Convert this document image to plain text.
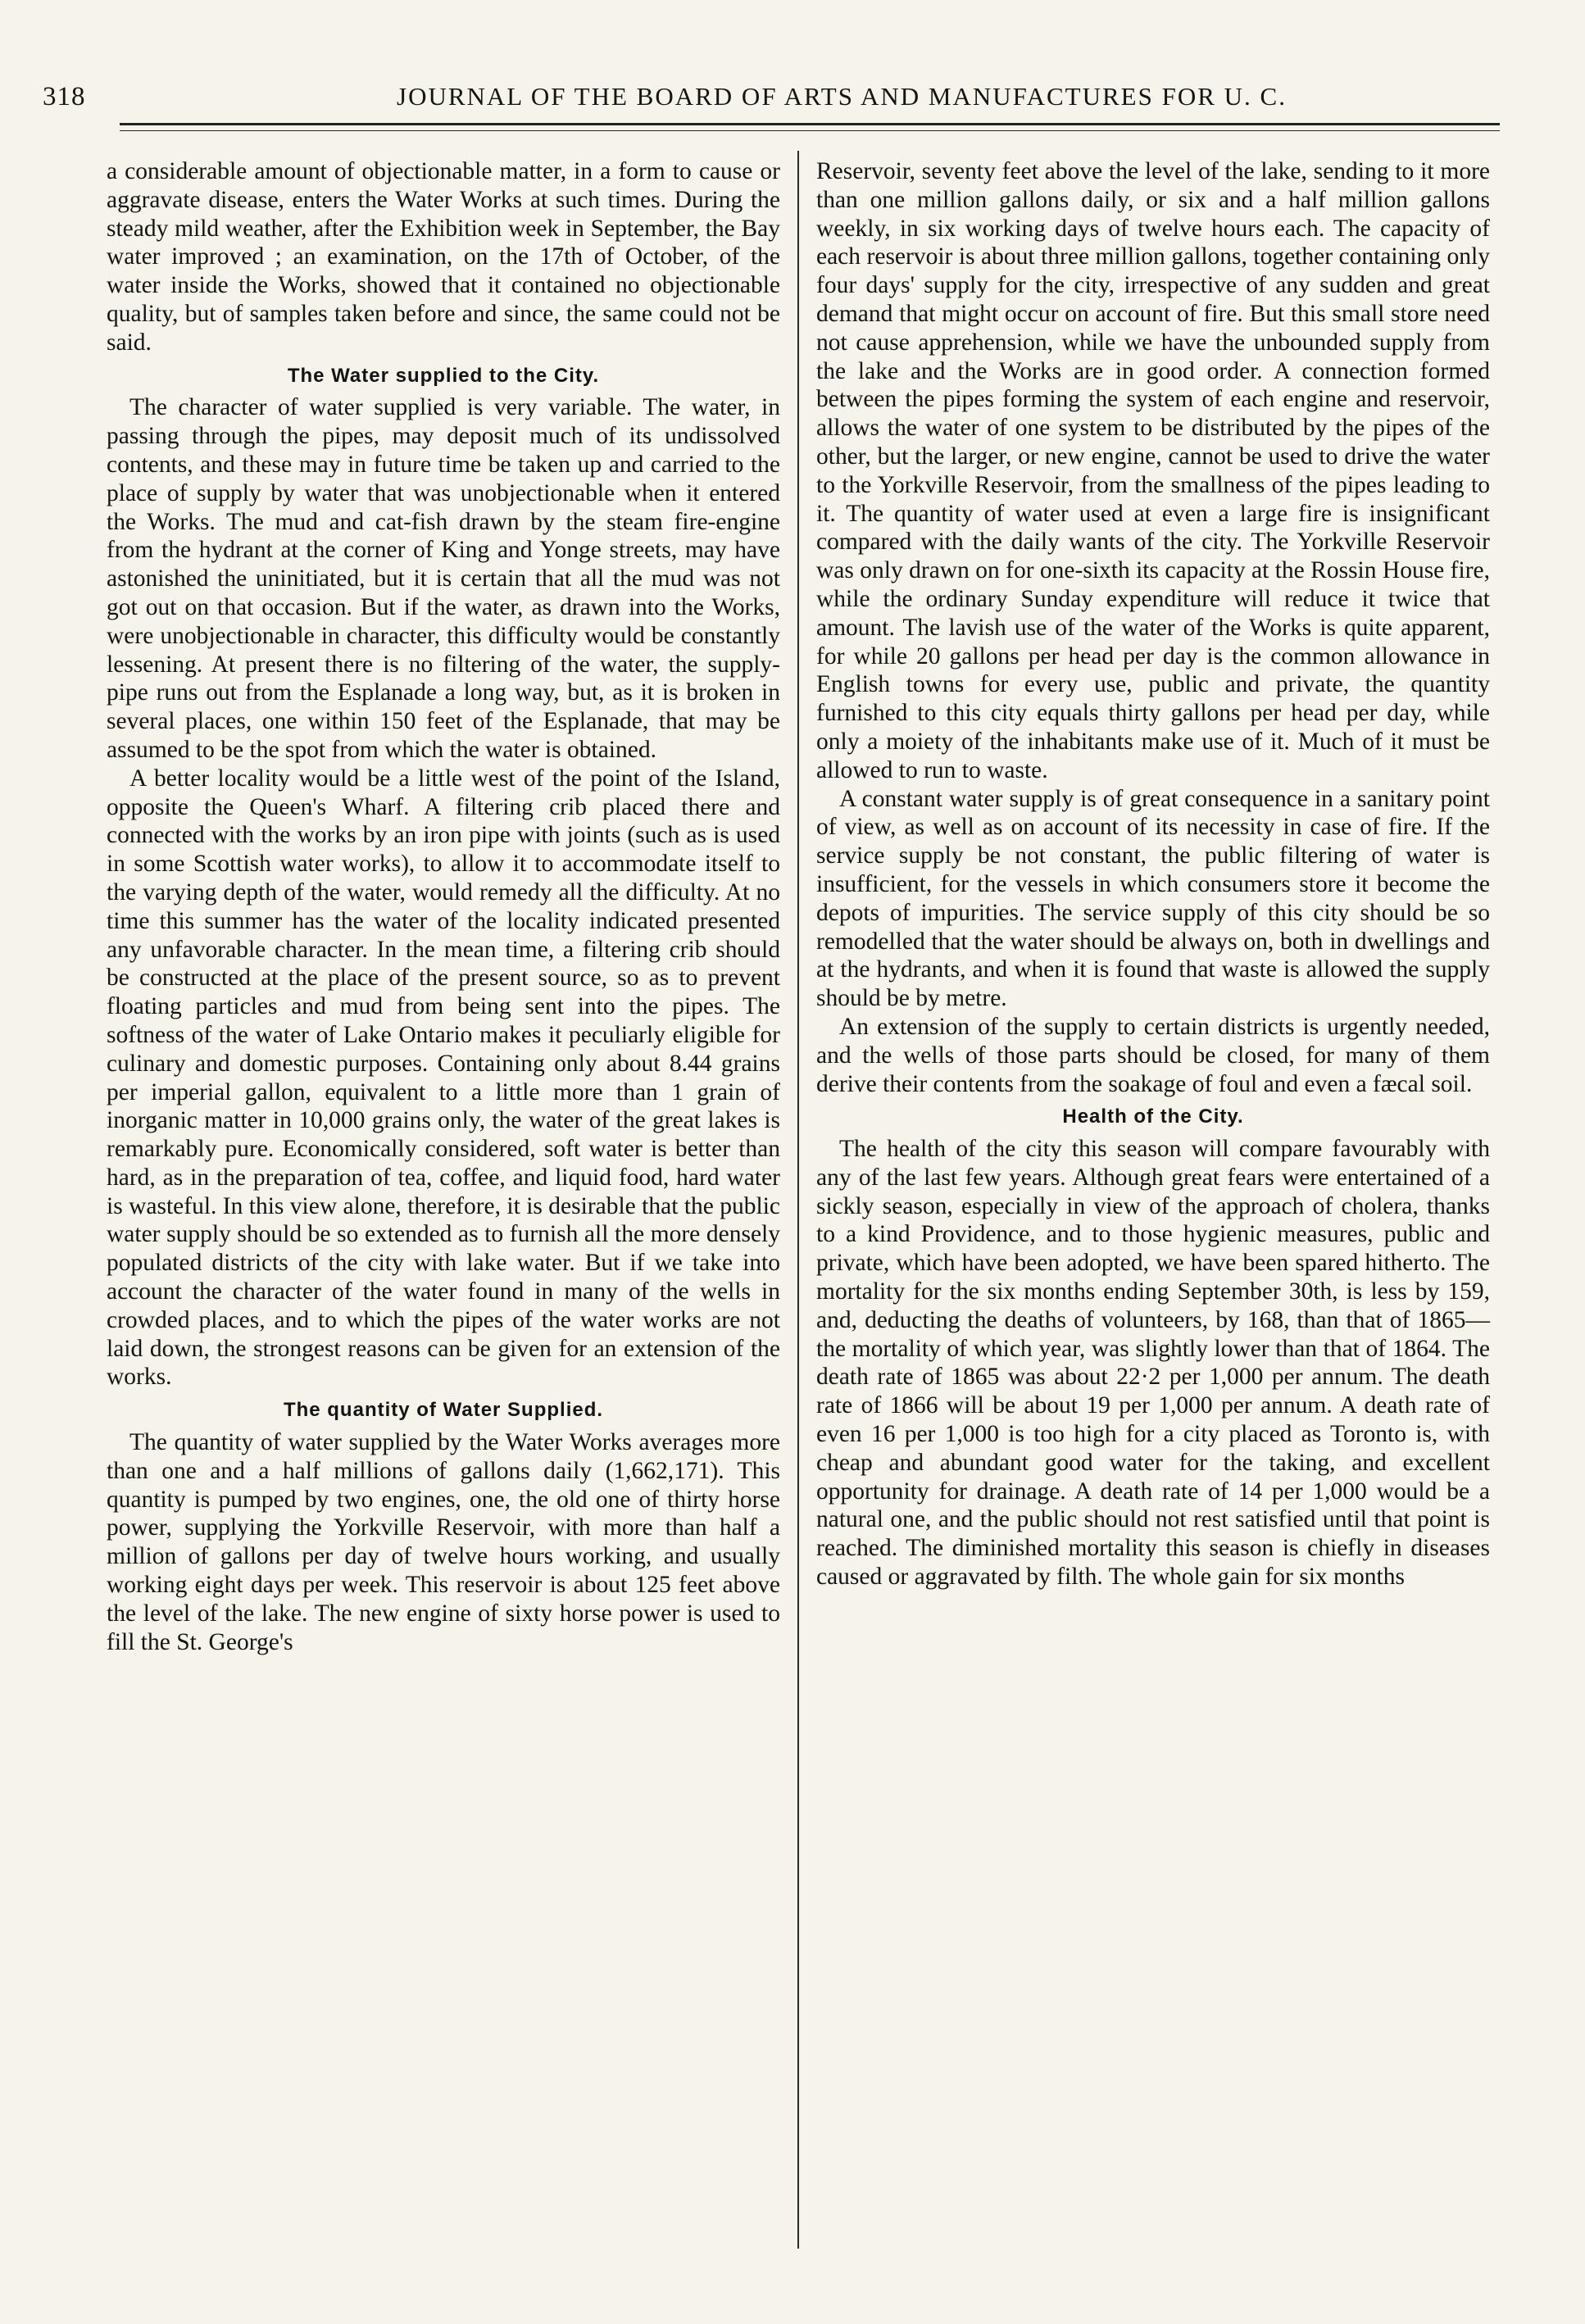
318	JOURNAL OF THE BOARD OF ARTS AND MANUFACTURES FOR U. C.

a considerable amount of objectionable matter, in a form to cause or aggravate disease, enters the Water Works at such times. During the steady mild weather, after the Exhibition week in September, the Bay water improved ; an examination, on the 17th of October, of the water inside the Works, showed that it contained no objectionable quality, but of samples taken before and since, the same could not be said.

The Water supplied to the City.

The character of water supplied is very variable. The water, in passing through the pipes, may deposit much of its undissolved contents, and these may in future time be taken up and carried to the place of supply by water that was unobjectionable when it entered the Works. The mud and cat-fish drawn by the steam fire-engine from the hydrant at the corner of King and Yonge streets, may have astonished the uninitiated, but it is certain that all the mud was not got out on that occasion. But if the water, as drawn into the Works, were unobjectionable in character, this difficulty would be constantly lessening. At present there is no filtering of the water, the supply-pipe runs out from the Esplanade a long way, but, as it is broken in several places, one within 150 feet of the Esplanade, that may be assumed to be the spot from which the water is obtained.

A better locality would be a little west of the point of the Island, opposite the Queen's Wharf. A filtering crib placed there and connected with the works by an iron pipe with joints (such as is used in some Scottish water works), to allow it to accommodate itself to the varying depth of the water, would remedy all the difficulty. At no time this summer has the water of the locality indicated presented any unfavorable character. In the mean time, a filtering crib should be constructed at the place of the present source, so as to prevent floating particles and mud from being sent into the pipes. The softness of the water of Lake Ontario makes it peculiarly eligible for culinary and domestic purposes. Containing only about 8.44 grains per imperial gallon, equivalent to a little more than 1 grain of inorganic matter in 10,000 grains only, the water of the great lakes is remarkably pure. Economically considered, soft water is better than hard, as in the preparation of tea, coffee, and liquid food, hard water is wasteful. In this view alone, therefore, it is desirable that the public water supply should be so extended as to furnish all the more densely populated districts of the city with lake water. But if we take into account the character of the water found in many of the wells in crowded places, and to which the pipes of the water works are not laid down, the strongest reasons can be given for an extension of the works.

The quantity of Water Supplied.

The quantity of water supplied by the Water Works averages more than one and a half millions of gallons daily (1,662,171). This quantity is pumped by two engines, one, the old one of thirty horse power, supplying the Yorkville Reservoir, with more than half a million of gallons per day of twelve hours working, and usually working eight days per week. This reservoir is about 125 feet above the level of the lake. The new engine of sixty horse power is used to fill the St. George's

Reservoir, seventy feet above the level of the lake, sending to it more than one million gallons daily, or six and a half million gallons weekly, in six working days of twelve hours each. The capacity of each reservoir is about three million gallons, together containing only four days' supply for the city, irrespective of any sudden and great demand that might occur on account of fire. But this small store need not cause apprehension, while we have the unbounded supply from the lake and the Works are in good order. A connection formed between the pipes forming the system of each engine and reservoir, allows the water of one system to be distributed by the pipes of the other, but the larger, or new engine, cannot be used to drive the water to the Yorkville Reservoir, from the smallness of the pipes leading to it. The quantity of water used at even a large fire is insignificant compared with the daily wants of the city. The Yorkville Reservoir was only drawn on for one-sixth its capacity at the Rossin House fire, while the ordinary Sunday expenditure will reduce it twice that amount. The lavish use of the water of the Works is quite apparent, for while 20 gallons per head per day is the common allowance in English towns for every use, public and private, the quantity furnished to this city equals thirty gallons per head per day, while only a moiety of the inhabitants make use of it. Much of it must be allowed to run to waste.

A constant water supply is of great consequence in a sanitary point of view, as well as on account of its necessity in case of fire. If the service supply be not constant, the public filtering of water is insufficient, for the vessels in which consumers store it become the depots of impurities. The service supply of this city should be so remodelled that the water should be always on, both in dwellings and at the hydrants, and when it is found that waste is allowed the supply should be by metre.

An extension of the supply to certain districts is urgently needed, and the wells of those parts should be closed, for many of them derive their contents from the soakage of foul and even a fæcal soil.

Health of the City.

The health of the city this season will compare favourably with any of the last few years. Although great fears were entertained of a sickly season, especially in view of the approach of cholera, thanks to a kind Providence, and to those hygienic measures, public and private, which have been adopted, we have been spared hitherto. The mortality for the six months ending September 30th, is less by 159, and, deducting the deaths of volunteers, by 168, than that of 1865—the mortality of which year, was slightly lower than that of 1864. The death rate of 1865 was about 22·2 per 1,000 per annum. The death rate of 1866 will be about 19 per 1,000 per annum. A death rate of even 16 per 1,000 is too high for a city placed as Toronto is, with cheap and abundant good water for the taking, and excellent opportunity for drainage. A death rate of 14 per 1,000 would be a natural one, and the public should not rest satisfied until that point is reached. The diminished mortality this season is chiefly in diseases caused or aggravated by filth. The whole gain for six months
